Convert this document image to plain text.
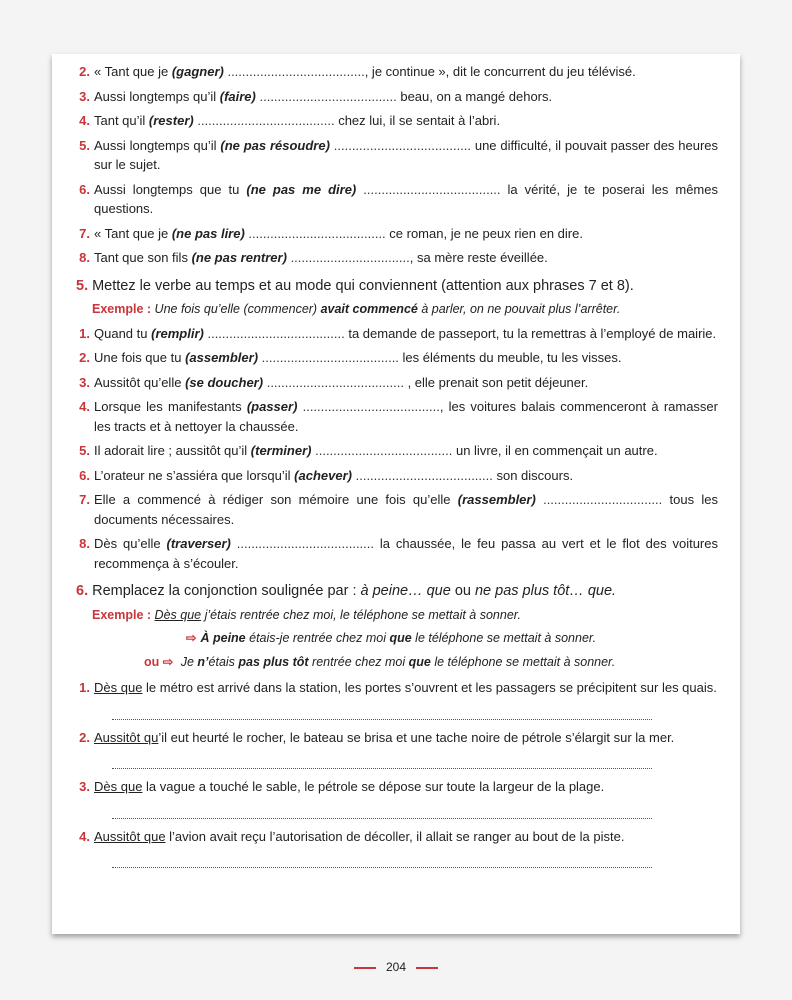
2. « Tant que je (gagner) ......................................, je continue », dit le concurrent du jeu télévisé.
3. Aussi longtemps qu’il (faire) ...................................... beau, on a mangé dehors.
4. Tant qu’il (rester) ...................................... chez lui, il se sentait à l’abri.
5. Aussi longtemps qu’il (ne pas résoudre) ...................................... une difficulté, il pouvait passer des heures sur le sujet.
6. Aussi longtemps que tu (ne pas me dire) ...................................... la vérité, je te poserai les mêmes questions.
7. « Tant que je (ne pas lire) ...................................... ce roman, je ne peux rien en dire.
8. Tant que son fils (ne pas rentrer) ................................., sa mère reste éveillée.
5. Mettez le verbe au temps et au mode qui conviennent (attention aux phrases 7 et 8).
Exemple : Une fois qu’elle (commencer) avait commencé à parler, on ne pouvait plus l’arrêter.
1. Quand tu (remplir) ...................................... ta demande de passeport, tu la remettras à l’employé de mairie.
2. Une fois que tu (assembler) ...................................... les éléments du meuble, tu les visses.
3. Aussitôt qu’elle (se doucher) ...................................... , elle prenait son petit déjeuner.
4. Lorsque les manifestants (passer) ......................................, les voitures balais commenceront à ramasser les tracts et à nettoyer la chaussée.
5. Il adorait lire ; aussitôt qu’il (terminer) ...................................... un livre, il en commençait un autre.
6. L’orateur ne s’assiéra que lorsqu’il (achever) ...................................... son discours.
7. Elle a commencé à rédiger son mémoire une fois qu’elle (rassembler) ................................. tous les documents nécessaires.
8. Dès qu’elle (traverser) ...................................... la chaussée, le feu passa au vert et le flot des voitures recommença à s’écouler.
6. Remplacez la conjonction soulignée par : à peine… que ou ne pas plus tôt… que.
Exemple : Dès que j’étais rentrée chez moi, le téléphone se mettait à sonner.
⇨ À peine étais-je rentrée chez moi que le téléphone se mettait à sonner.
ou ⇨ Je n’étais pas plus tôt rentrée chez moi que le téléphone se mettait à sonner.
1. Dès que le métro est arrivé dans la station, les portes s’ouvrent et les passagers se précipitent sur les quais.
2. Aussitôt qu’il eut heurté le rocher, le bateau se brisa et une tache noire de pétrole s’élargit sur la mer.
3. Dès que la vague a touché le sable, le pétrole se dépose sur toute la largeur de la plage.
4. Aussitôt que l’avion avait reçu l’autorisation de décoller, il allait se ranger au bout de la piste.
204
